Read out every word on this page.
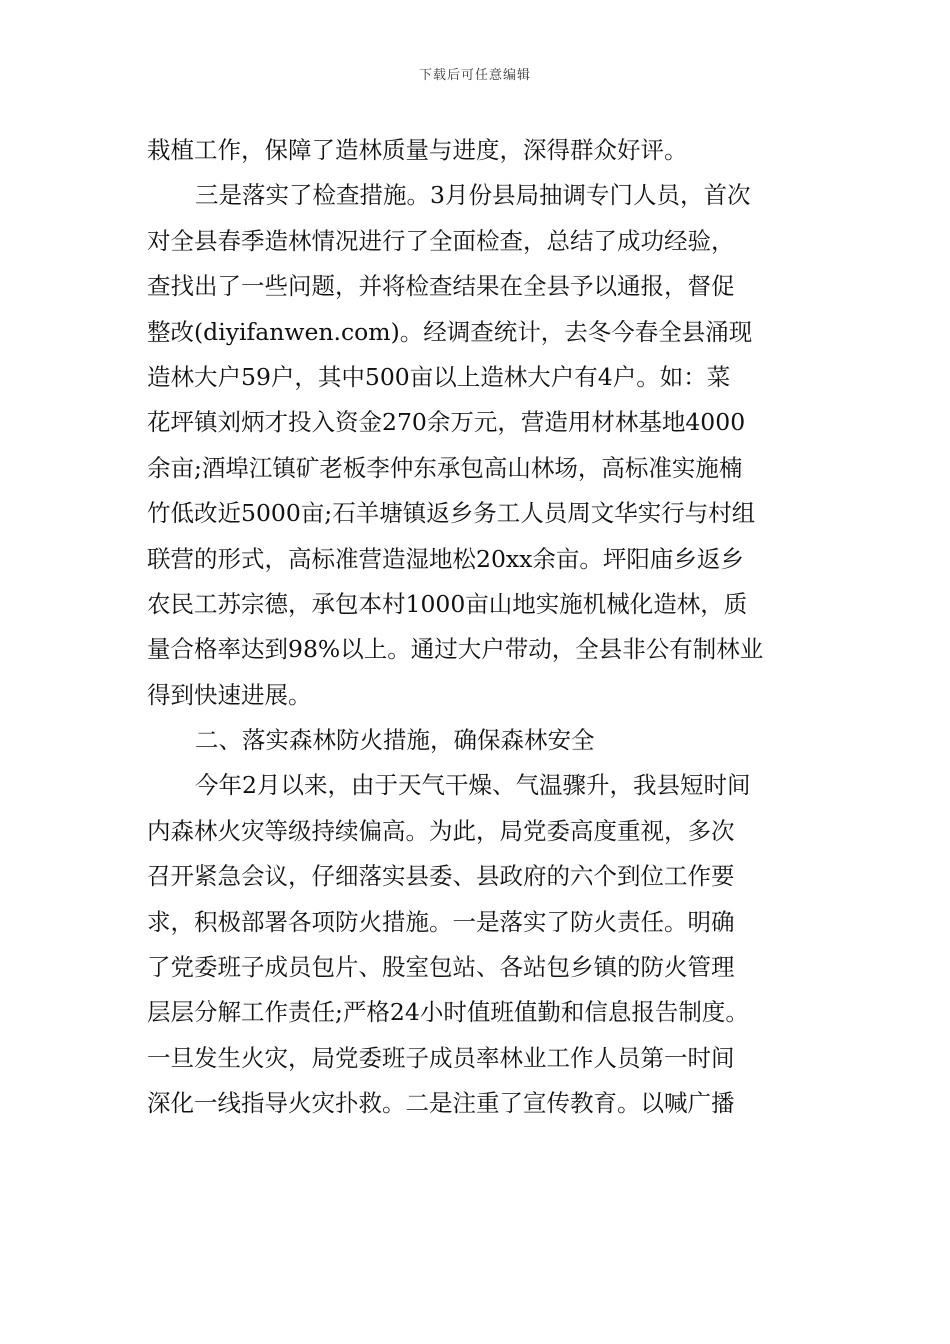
下载后可任意编辑
栽植工作，保障了造林质量与进度，深得群众好评。
三是落实了检查措施。3月份县局抽调专门人员，首次
对全县春季造林情况进行了全面检查，总结了成功经验，
查找出了一些问题，并将检查结果在全县予以通报，督促
整改(diyifanwen.com)。经调查统计，去冬今春全县涌现
造林大户59户，其中500亩以上造林大户有4户。如：菜
花坪镇刘炳才投入资金270余万元，营造用材林基地4000
余亩;酒埠江镇矿老板李仲东承包高山林场，高标准实施楠
竹低改近5000亩;石羊塘镇返乡务工人员周文华实行与村组
联营的形式，高标准营造湿地松20xx余亩。坪阳庙乡返乡
农民工苏宗德，承包本村1000亩山地实施机械化造林，质
量合格率达到98%以上。通过大户带动，全县非公有制林业
得到快速进展。
二、落实森林防火措施，确保森林安全
今年2月以来，由于天气干燥、气温骤升，我县短时间
内森林火灾等级持续偏高。为此，局党委高度重视，多次
召开紧急会议，仔细落实县委、县政府的六个到位工作要
求，积极部署各项防火措施。一是落实了防火责任。明确
了党委班子成员包片、股室包站、各站包乡镇的防火管理
层层分解工作责任;严格24小时值班值勤和信息报告制度。
一旦发生火灾，局党委班子成员率林业工作人员第一时间
深化一线指导火灾扑救。二是注重了宣传教育。以喊广播
